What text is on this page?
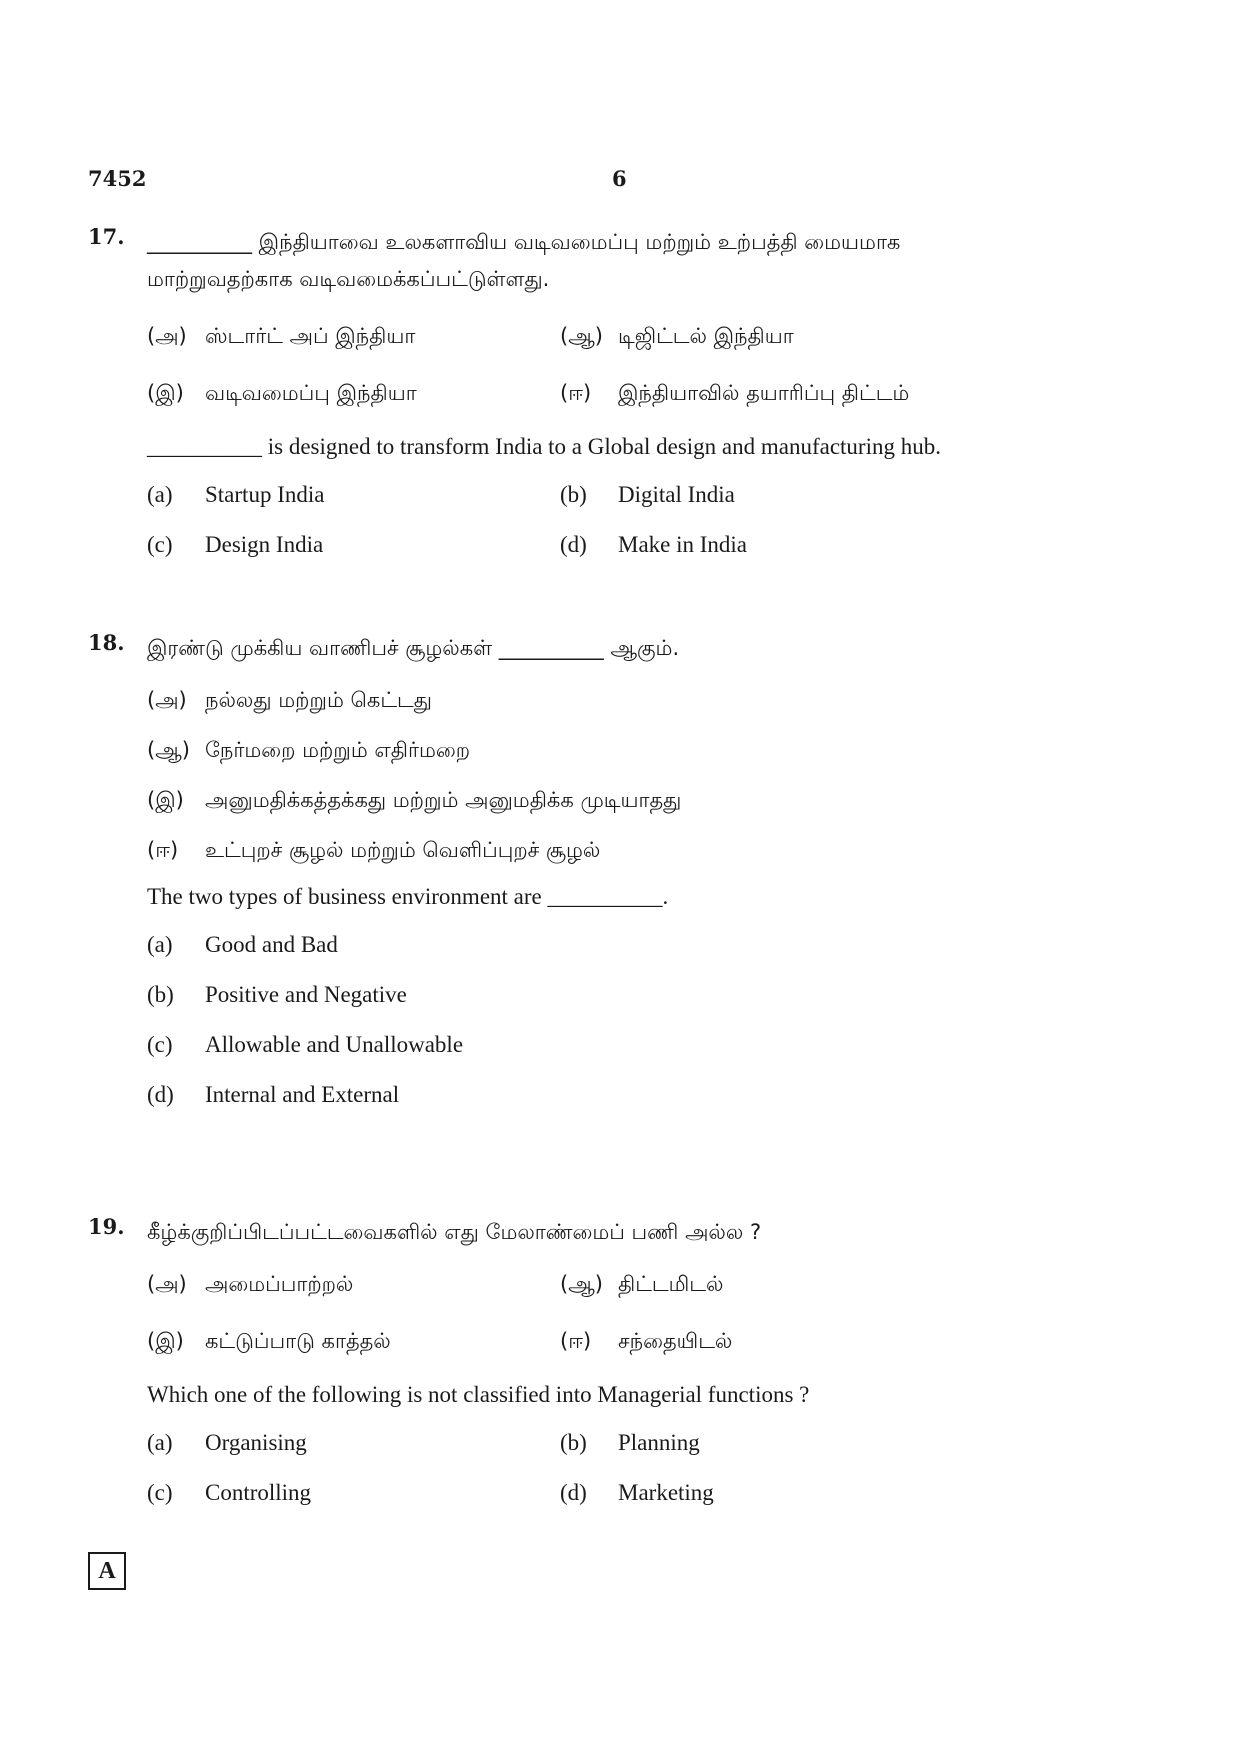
7452	6
17. __________ இந்தியாவை உலகளாவிய வடிவமைப்பு மற்றும் உற்பத்தி மையமாக
மாற்றுவதற்காக வடிவமைக்கப்பட்டுள்ளது.
(அ) ஸ்டார்ட் அப் இந்தியா	(ஆ) டிஜிட்டல் இந்தியா
(இ)	வடிவமைப்பு இந்தியா	(ஈ)	இந்தியாவில் தயாரிப்பு திட்டம்
__________ is designed to transform India to a Global design and manufacturing hub.
(a)	Startup India	(b)	Digital India
(c)	Design India	(d)	Make in India
18. இரண்டு முக்கிய வாணிபச் சூழல்கள் __________ ஆகும்.
(அ) நல்லது மற்றும் கெட்டது
(ஆ) நேர்மறை மற்றும் எதிர்மறை
(இ)	அனுமதிக்கத்தக்கது மற்றும் அனுமதிக்க முடியாதது
(ஈ)	உட்புறச் சூழல் மற்றும் வெளிப்புறச் சூழல்
The two types of business environment are __________.
(a)	Good and Bad
(b)	Positive and Negative
(c)	Allowable and Unallowable
(d)	Internal and External
19. கீழ்க்குறிப்பிடப்பட்டவைகளில் எது மேலாண்மைப் பணி அல்ல ?
(அ) அமைப்பாற்றல்	(ஆ) திட்டமிடல்
(இ)	கட்டுப்பாடு காத்தல்	(ஈ)	சந்தையிடல்
Which one of the following is not classified into Managerial functions ?
(a)	Organising	(b)	Planning
(c)	Controlling	(d)	Marketing
A
